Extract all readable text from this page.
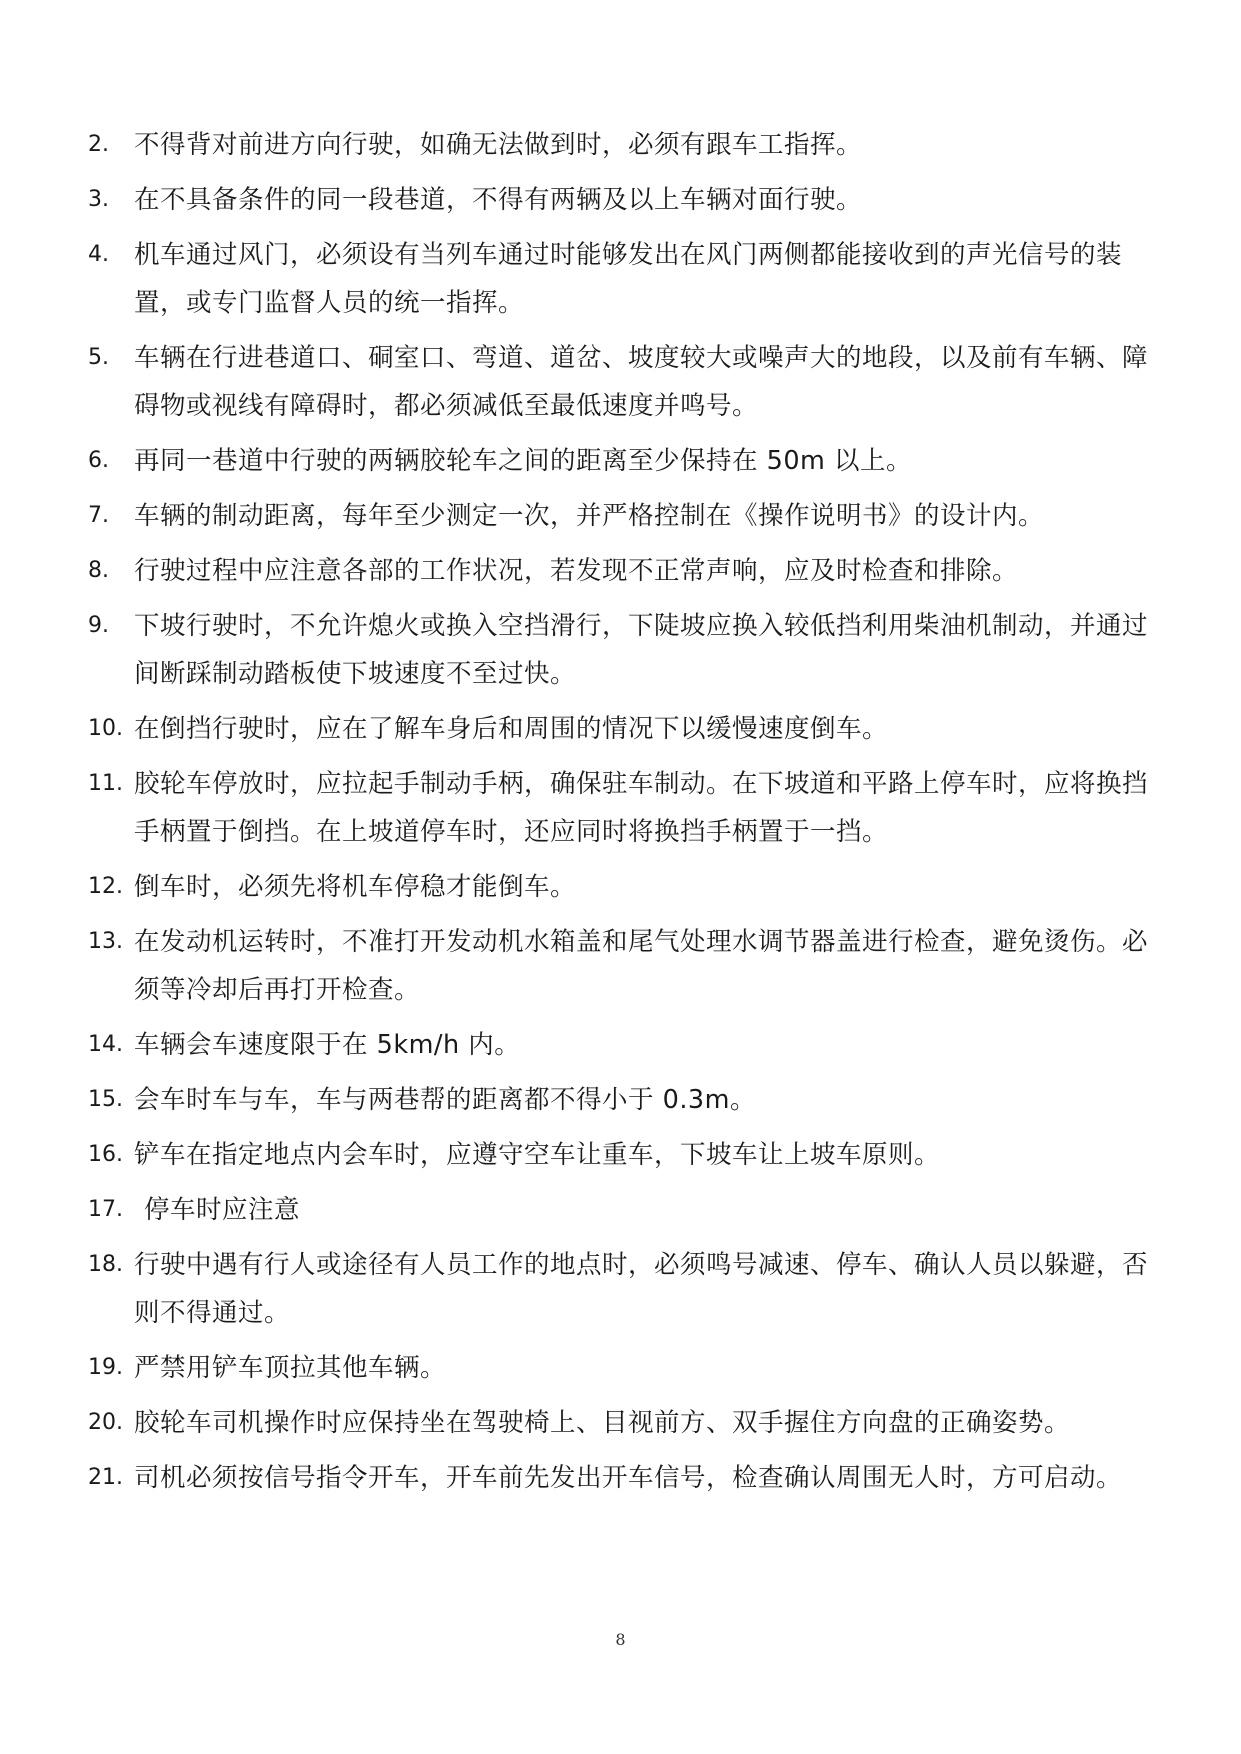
2. 不得背对前进方向行驶，如确无法做到时，必须有跟车工指挥。
3. 在不具备条件的同一段巷道，不得有两辆及以上车辆对面行驶。
4. 机车通过风门，必须设有当列车通过时能够发出在风门两侧都能接收到的声光信号的装置，或专门监督人员的统一指挥。
5. 车辆在行进巷道口、硐室口、弯道、道岔、坡度较大或噪声大的地段，以及前有车辆、障碍物或视线有障碍时，都必须减低至最低速度并鸣号。
6. 再同一巷道中行驶的两辆胶轮车之间的距离至少保持在 50m 以上。
7. 车辆的制动距离，每年至少测定一次，并严格控制在《操作说明书》的设计内。
8. 行驶过程中应注意各部的工作状况，若发现不正常声响，应及时检查和排除。
9. 下坡行驶时，不允许熄火或换入空挡滑行，下陡坡应换入较低挡利用柴油机制动，并通过间断踩制动踏板使下坡速度不至过快。
10. 在倒挡行驶时，应在了解车身后和周围的情况下以缓慢速度倒车。
11. 胶轮车停放时，应拉起手制动手柄，确保驻车制动。在下坡道和平路上停车时，应将换挡手柄置于倒挡。在上坡道停车时，还应同时将换挡手柄置于一挡。
12. 倒车时，必须先将机车停稳才能倒车。
13. 在发动机运转时，不准打开发动机水箱盖和尾气处理水调节器盖进行检查，避免烫伤。必须等冷却后再打开检查。
14. 车辆会车速度限于在 5km/h 内。
15. 会车时车与车，车与两巷帮的距离都不得小于 0.3m。
16. 铲车在指定地点内会车时，应遵守空车让重车，下坡车让上坡车原则。
17. 停车时应注意
18. 行驶中遇有行人或途径有人员工作的地点时，必须鸣号减速、停车、确认人员以躲避，否则不得通过。
19. 严禁用铲车顶拉其他车辆。
20. 胶轮车司机操作时应保持坐在驾驶椅上、目视前方、双手握住方向盘的正确姿势。
21. 司机必须按信号指令开车，开车前先发出开车信号，检查确认周围无人时，方可启动。
8
